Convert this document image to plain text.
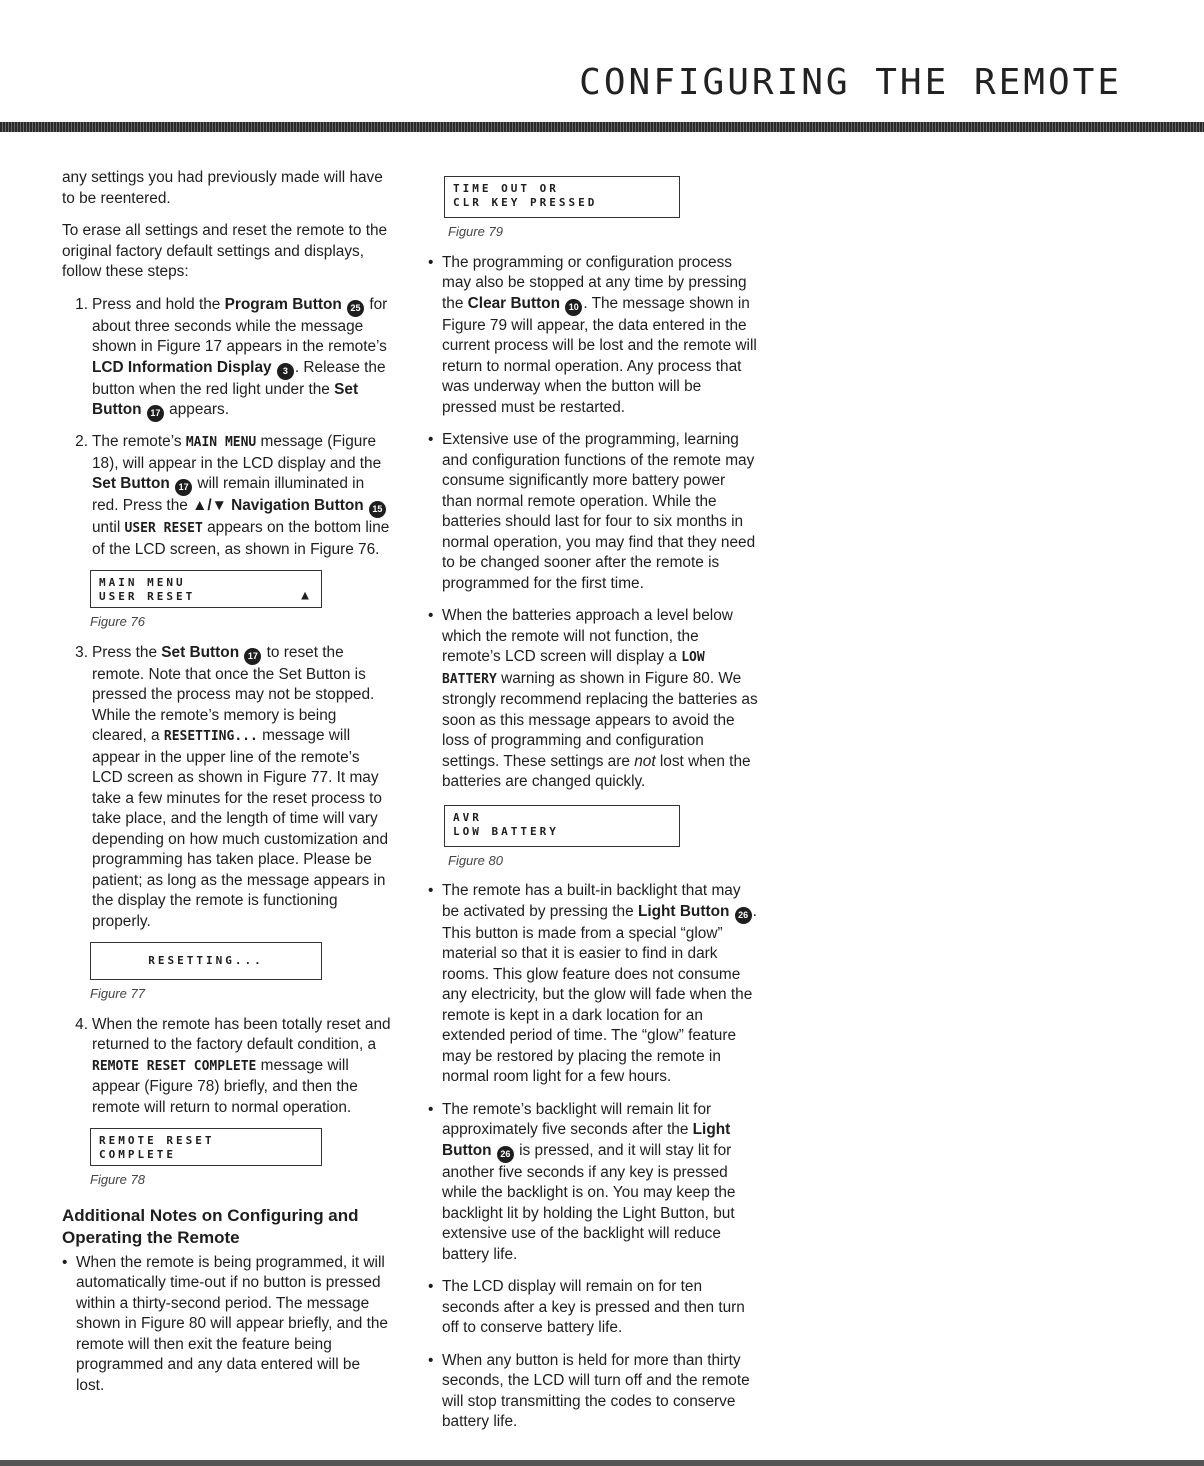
CONFIGURING THE REMOTE

any settings you had previously made will have to be reentered.

To erase all settings and reset the remote to the original factory default settings and displays, follow these steps:

1. Press and hold the Program Button 25 for about three seconds while the message shown in Figure 17 appears in the remote’s LCD Information Display 3 . Release the button when the red light under the Set Button 17 appears.
2. The remote’s MAIN MENU message (Figure 18), will appear in the LCD display and the Set Button 17 will remain illuminated in red. Press the ▲/▼ Navigation Button 15 until USER RESET appears on the bottom line of the LCD screen, as shown in Figure 76.
MAIN MENU
USER RESET	▲
Figure 76
3. Press the Set Button 17 to reset the remote. Note that once the Set Button is pressed the process may not be stopped. While the remote’s memory is being cleared, a RESETTING... message will appear in the upper line of the remote’s LCD screen as shown in Figure 77. It may take a few minutes for the reset process to take place, and the length of time will vary depending on how much customization and programming has taken place. Please be patient; as long as the message appears in the display the remote is functioning properly.
RESETTING...
Figure 77
4. When the remote has been totally reset and returned to the factory default condition, a REMOTE RESET COMPLETE message will appear (Figure 78) briefly, and then the remote will return to normal operation.
REMOTE RESET
COMPLETE
Figure 78
Additional Notes on Configuring and Operating the Remote
• When the remote is being programmed, it will automatically time-out if no button is pressed within a thirty-second period. The message shown in Figure 80 will appear briefly, and the remote will then exit the feature being programmed and any data entered will be lost.
TIME OUT OR
CLR KEY PRESSED
Figure 79
• The programming or configuration process may also be stopped at any time by pressing the Clear Button 10 . The message shown in Figure 79 will appear, the data entered in the current process will be lost and the remote will return to normal operation. Any process that was underway when the button will be pressed must be restarted.
• Extensive use of the programming, learning and configuration functions of the remote may consume significantly more battery power than normal remote operation. While the batteries should last for four to six months in normal operation, you may find that they need to be changed sooner after the remote is programmed for the first time.
• When the batteries approach a level below which the remote will not function, the remote’s LCD screen will display a LOW BATTERY warning as shown in Figure 80. We strongly recommend replacing the batteries as soon as this message appears to avoid the loss of programming and configuration settings. These settings are not lost when the batteries are changed quickly.
AVR
LOW BATTERY
Figure 80
• The remote has a built-in backlight that may be activated by pressing the Light Button 26 . This button is made from a special “glow” material so that it is easier to find in dark rooms. This glow feature does not consume any electricity, but the glow will fade when the remote is kept in a dark location for an extended period of time. The “glow” feature may be restored by placing the remote in normal room light for a few hours.
• The remote’s backlight will remain lit for approximately five seconds after the Light Button 26 is pressed, and it will stay lit for another five seconds if any key is pressed while the backlight is on. You may keep the backlight lit by holding the Light Button, but extensive use of the backlight will reduce battery life.
• The LCD display will remain on for ten seconds after a key is pressed and then turn off to conserve battery life.
• When any button is held for more than thirty seconds, the LCD will turn off and the remote will stop transmitting the codes to conserve battery life.
